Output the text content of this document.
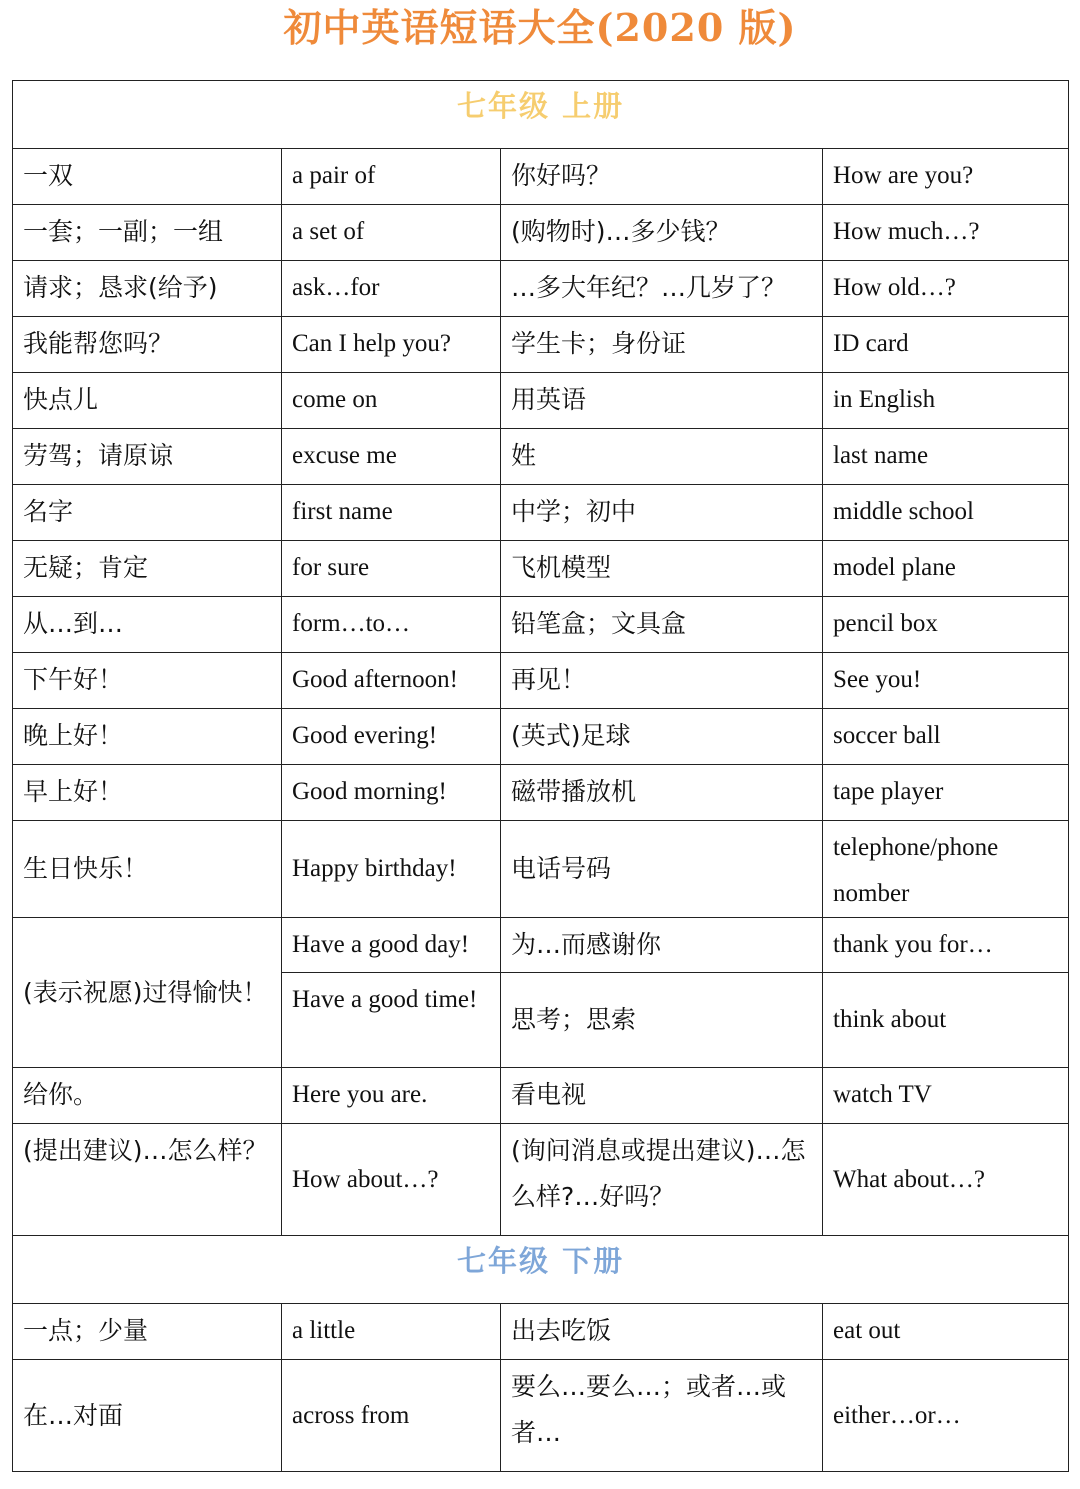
初中英语短语大全(2020 版)
七年级 上册			
一双	a pair of	你好吗？	How are you?
一套；一副；一组	a set of	(购物时)…多少钱？	How much…?
请求；恳求(给予)	ask…for	…多大年纪？…几岁了？	How old…?
我能帮您吗？	Can I help you?	学生卡；身份证	ID card
快点儿	come on	用英语	in English
劳驾；请原谅	excuse me	姓	last name
名字	first name	中学；初中	middle school
无疑；肯定	for sure	飞机模型	model plane
从…到…	form…to…	铅笔盒；文具盒	pencil box
下午好！	Good afternoon!	再见！	See you!
晚上好！	Good evering!	(英式)足球	soccer ball
早上好！	Good morning!	磁带播放机	tape player
生日快乐！	Happy birthday!	电话号码	telephone/phone nomber
(表示祝愿)过得愉快！	Have a good day!	为…而感谢你	thank you for…
	Have a good time!	思考；思索	think about
给你。	Here you are.	看电视	watch TV
(提出建议)…怎么样？	How about…?	(询问消息或提出建议)…怎么样?…好吗？	What about…?
七年级 下册			
一点；少量	a little	出去吃饭	eat out
在…对面	across from	要么…要么…；或者…或者…	either…or…
